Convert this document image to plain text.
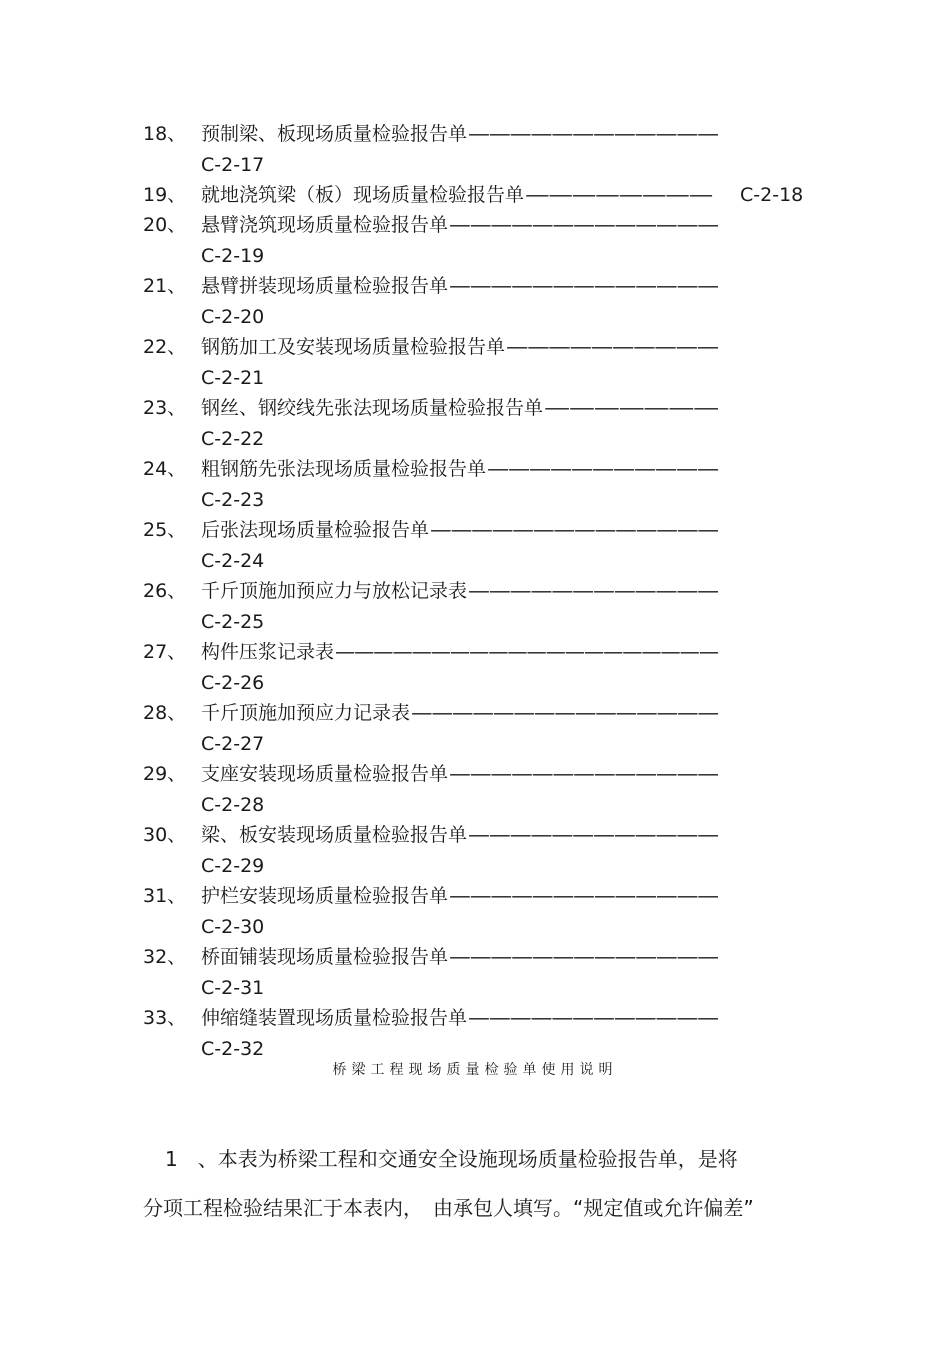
18、 预制梁、板现场质量检验报告单 ————————————
C-2-17
19、 就地浇筑梁（板）现场质量检验报告单 ———————— C-2-18
20、 悬臂浇筑现场质量检验报告单 —————————————
C-2-19
21、 悬臂拼装现场质量检验报告单 —————————————
C-2-20
22、 钢筋加工及安装现场质量检验报告单 ——————————
C-2-21
23、 钢丝、钢绞线先张法现场质量检验报告单 ———————
C-2-22
24、 粗钢筋先张法现场质量检验报告单 ———————————
C-2-23
25、 后张法现场质量检验报告单 ——————————————
C-2-24
26、 千斤顶施加预应力与放松记录表 ————————————
C-2-25
27、 构件压浆记录表 ————————————————————
C-2-26
28、 千斤顶施加预应力记录表 ———————————————
C-2-27
29、 支座安装现场质量检验报告单 —————————————
C-2-28
30、 梁、板安装现场质量检验报告单 ————————————
C-2-29
31、 护栏安装现场质量检验报告单 —————————————
C-2-30
32、 桥面铺装现场质量检验报告单 —————————————
C-2-31
33、 伸缩缝装置现场质量检验报告单 ————————————
C-2-32
桥梁工程现场质量检验单使用说明
1　、本表为桥梁工程和交通安全设施现场质量检验报告单，是将
分项工程检验结果汇于本表内，　由承包人填写。“规定值或允许偏差”
